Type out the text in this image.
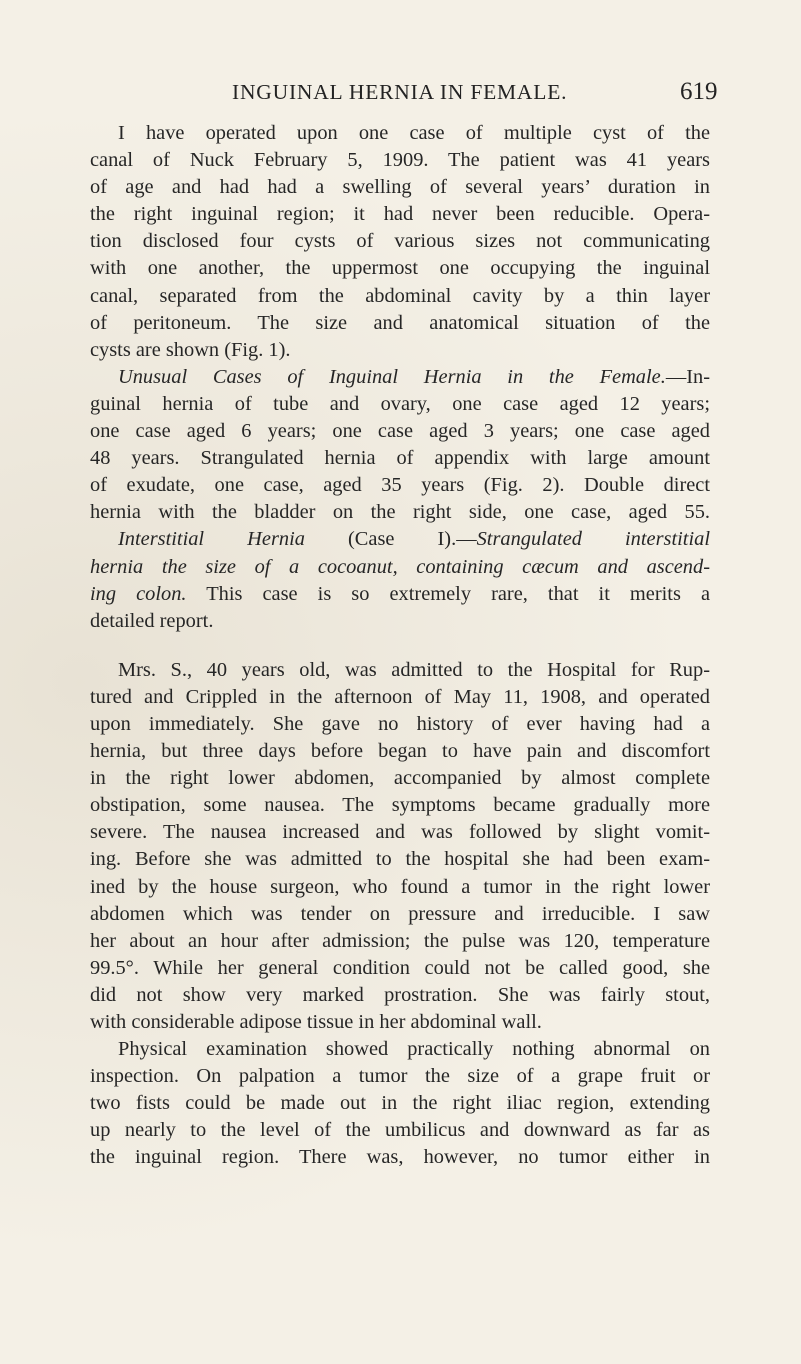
INGUINAL HERNIA IN FEMALE.	619
I have operated upon one case of multiple cyst of the
canal of Nuck February 5, 1909. The patient was 41 years
of age and had had a swelling of several years’ duration in
the right inguinal region; it had never been reducible. Opera-
tion disclosed four cysts of various sizes not communicating
with one another, the uppermost one occupying the inguinal
canal, separated from the abdominal cavity by a thin layer
of peritoneum. The size and anatomical situation of the
cysts are shown (Fig. 1).
Unusual Cases of Inguinal Hernia in the Female.—In-
guinal hernia of tube and ovary, one case aged 12 years;
one case aged 6 years; one case aged 3 years; one case aged
48 years. Strangulated hernia of appendix with large amount
of exudate, one case, aged 35 years (Fig. 2). Double direct
hernia with the bladder on the right side, one case, aged 55.
Interstitial Hernia (Case I).—Strangulated interstitial
hernia the size of a cocoanut, containing cæcum and ascend-
ing colon. This case is so extremely rare, that it merits a
detailed report.
Mrs. S., 40 years old, was admitted to the Hospital for Rup-
tured and Crippled in the afternoon of May 11, 1908, and operated
upon immediately. She gave no history of ever having had a
hernia, but three days before began to have pain and discomfort
in the right lower abdomen, accompanied by almost complete
obstipation, some nausea. The symptoms became gradually more
severe. The nausea increased and was followed by slight vomit-
ing. Before she was admitted to the hospital she had been exam-
ined by the house surgeon, who found a tumor in the right lower
abdomen which was tender on pressure and irreducible. I saw
her about an hour after admission; the pulse was 120, temperature
99.5°. While her general condition could not be called good, she
did not show very marked prostration. She was fairly stout,
with considerable adipose tissue in her abdominal wall.
Physical examination showed practically nothing abnormal on
inspection. On palpation a tumor the size of a grape fruit or
two fists could be made out in the right iliac region, extending
up nearly to the level of the umbilicus and downward as far as
the inguinal region. There was, however, no tumor either in
